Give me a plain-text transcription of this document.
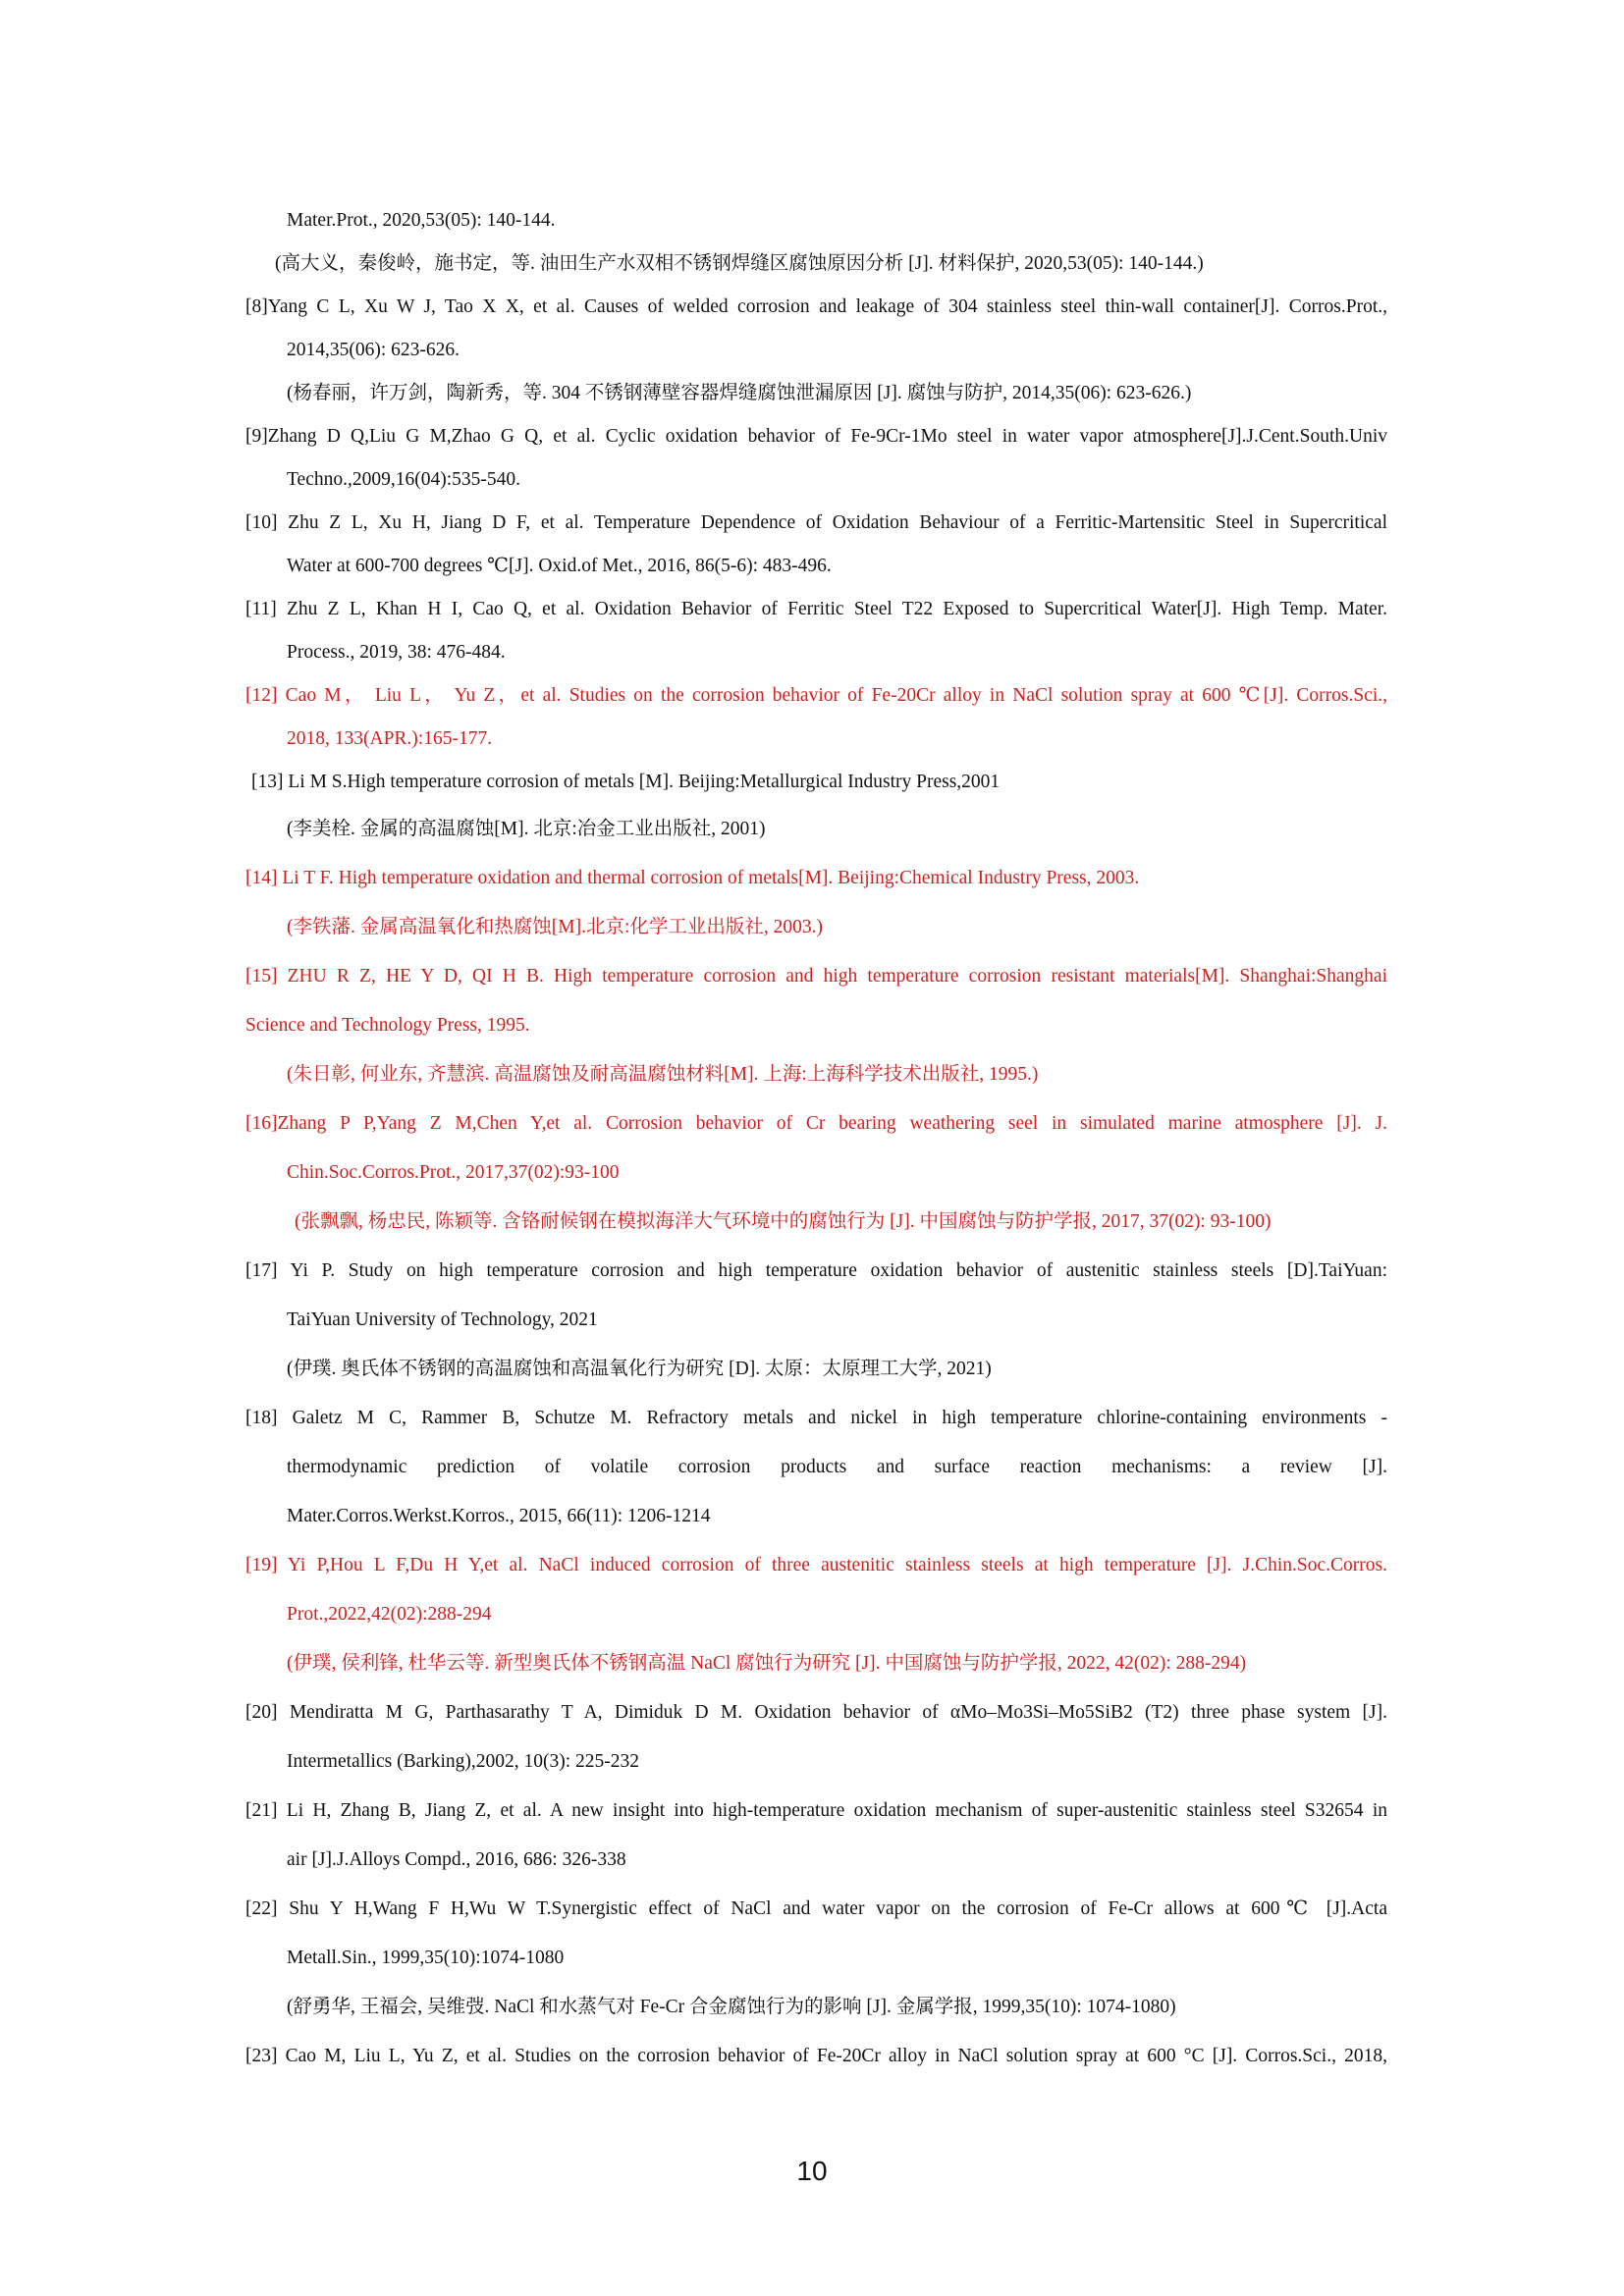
Mater.Prot., 2020,53(05): 140-144.
(高大义，秦俊岭，施书定，等. 油田生产水双相不锈钢焊缝区腐蚀原因分析 [J]. 材料保护, 2020,53(05): 140-144.)
[8]Yang C L, Xu W J, Tao X X, et al. Causes of welded corrosion and leakage of 304 stainless steel thin-wall container[J]. Corros.Prot.,
2014,35(06): 623-626.
(杨春丽，许万剑，陶新秀，等. 304 不锈钢薄壁容器焊缝腐蚀泄漏原因 [J]. 腐蚀与防护, 2014,35(06): 623-626.)
[9]Zhang D Q,Liu G M,Zhao G Q, et al. Cyclic oxidation behavior of Fe-9Cr-1Mo steel in water vapor atmosphere[J].J.Cent.South.Univ
Techno.,2009,16(04):535-540.
[10] Zhu Z L, Xu H, Jiang D F, et al. Temperature Dependence of Oxidation Behaviour of a Ferritic-Martensitic Steel in Supercritical
Water at 600-700 degrees ℃[J]. Oxid.of Met., 2016, 86(5-6): 483-496.
[11] Zhu Z L, Khan H I, Cao Q, et al. Oxidation Behavior of Ferritic Steel T22 Exposed to Supercritical Water[J]. High Temp. Mater.
Process., 2019, 38: 476-484.
[12] Cao M， Liu L， Yu Z，et al. Studies on the corrosion behavior of Fe-20Cr alloy in NaCl solution spray at 600 ℃[J]. Corros.Sci.,
2018, 133(APR.):165-177.
[13] Li M S.High temperature corrosion of metals [M]. Beijing:Metallurgical Industry Press,2001
(李美栓. 金属的高温腐蚀[M]. 北京:冶金工业出版社, 2001)
[14] Li T F. High temperature oxidation and thermal corrosion of metals[M]. Beijing:Chemical Industry Press, 2003.
(李铁藩. 金属高温氧化和热腐蚀[M].北京:化学工业出版社, 2003.)
[15] ZHU R Z, HE Y D, QI H B. High temperature corrosion and high temperature corrosion resistant materials[M]. Shanghai:Shanghai
Science and Technology Press, 1995.
(朱日彰, 何业东, 齐慧滨. 高温腐蚀及耐高温腐蚀材料[M]. 上海:上海科学技术出版社, 1995.)
[16]Zhang P P,Yang Z M,Chen Y,et al. Corrosion behavior of Cr bearing weathering seel in simulated marine atmosphere [J]. J.
Chin.Soc.Corros.Prot., 2017,37(02):93-100
(张飘飘, 杨忠民, 陈颖等. 含铬耐候钢在模拟海洋大气环境中的腐蚀行为 [J]. 中国腐蚀与防护学报, 2017, 37(02): 93-100)
[17] Yi P. Study on high temperature corrosion and high temperature oxidation behavior of austenitic stainless steels [D].TaiYuan:
TaiYuan University of Technology, 2021
(伊璞. 奥氏体不锈钢的高温腐蚀和高温氧化行为研究 [D]. 太原：太原理工大学, 2021)
[18] Galetz M C, Rammer B, Schutze M. Refractory metals and nickel in high temperature chlorine-containing environments -
thermodynamic prediction of volatile corrosion products and surface reaction mechanisms: a review [J].
Mater.Corros.Werkst.Korros., 2015, 66(11): 1206-1214
[19] Yi P,Hou L F,Du H Y,et al. NaCl induced corrosion of three austenitic stainless steels at high temperature [J]. J.Chin.Soc.Corros.
Prot.,2022,42(02):288-294
(伊璞, 侯利锋, 杜华云等. 新型奥氏体不锈钢高温 NaCl 腐蚀行为研究 [J]. 中国腐蚀与防护学报, 2022, 42(02): 288-294)
[20] Mendiratta M G, Parthasarathy T A, Dimiduk D M. Oxidation behavior of αMo–Mo3Si–Mo5SiB2 (T2) three phase system [J].
Intermetallics (Barking),2002, 10(3): 225-232
[21] Li H, Zhang B, Jiang Z, et al. A new insight into high-temperature oxidation mechanism of super-austenitic stainless steel S32654 in
air [J].J.Alloys Compd., 2016, 686: 326-338
[22] Shu Y H,Wang F H,Wu W T.Synergistic effect of NaCl and water vapor on the corrosion of Fe-Cr allows at 600℃ [J].Acta
Metall.Sin., 1999,35(10):1074-1080
(舒勇华, 王福会, 吴维弢. NaCl 和水蒸气对 Fe-Cr 合金腐蚀行为的影响 [J]. 金属学报, 1999,35(10): 1074-1080)
[23] Cao M, Liu L, Yu Z, et al. Studies on the corrosion behavior of Fe-20Cr alloy in NaCl solution spray at 600 °C [J]. Corros.Sci., 2018,
10
